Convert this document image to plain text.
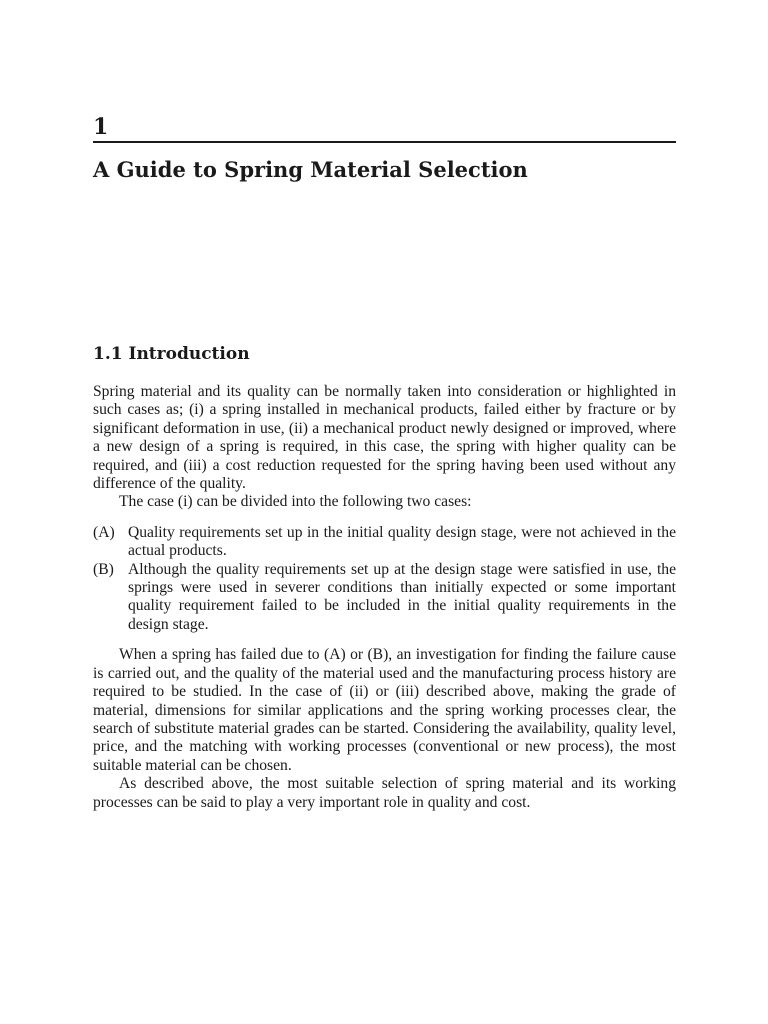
1
A Guide to Spring Material Selection
1.1 Introduction

Spring material and its quality can be normally taken into consideration or highlighted in such cases as; (i) a spring installed in mechanical products, failed either by fracture or by significant deformation in use, (ii) a mechanical product newly designed or improved, where a new design of a spring is required, in this case, the spring with higher quality can be required, and (iii) a cost reduction requested for the spring having been used without any difference of the quality.

The case (i) can be divided into the following two cases:

(A) Quality requirements set up in the initial quality design stage, were not achieved in the actual products.
(B) Although the quality requirements set up at the design stage were satisfied in use, the springs were used in severer conditions than initially expected or some important quality requirement failed to be included in the initial quality requirements in the design stage.

When a spring has failed due to (A) or (B), an investigation for finding the failure cause is carried out, and the quality of the material used and the manufacturing process history are required to be studied. In the case of (ii) or (iii) described above, making the grade of material, dimensions for similar applications and the spring working processes clear, the search of substitute material grades can be started. Considering the availability, quality level, price, and the matching with working processes (conventional or new process), the most suitable material can be chosen.

As described above, the most suitable selection of spring material and its working processes can be said to play a very important role in quality and cost.
